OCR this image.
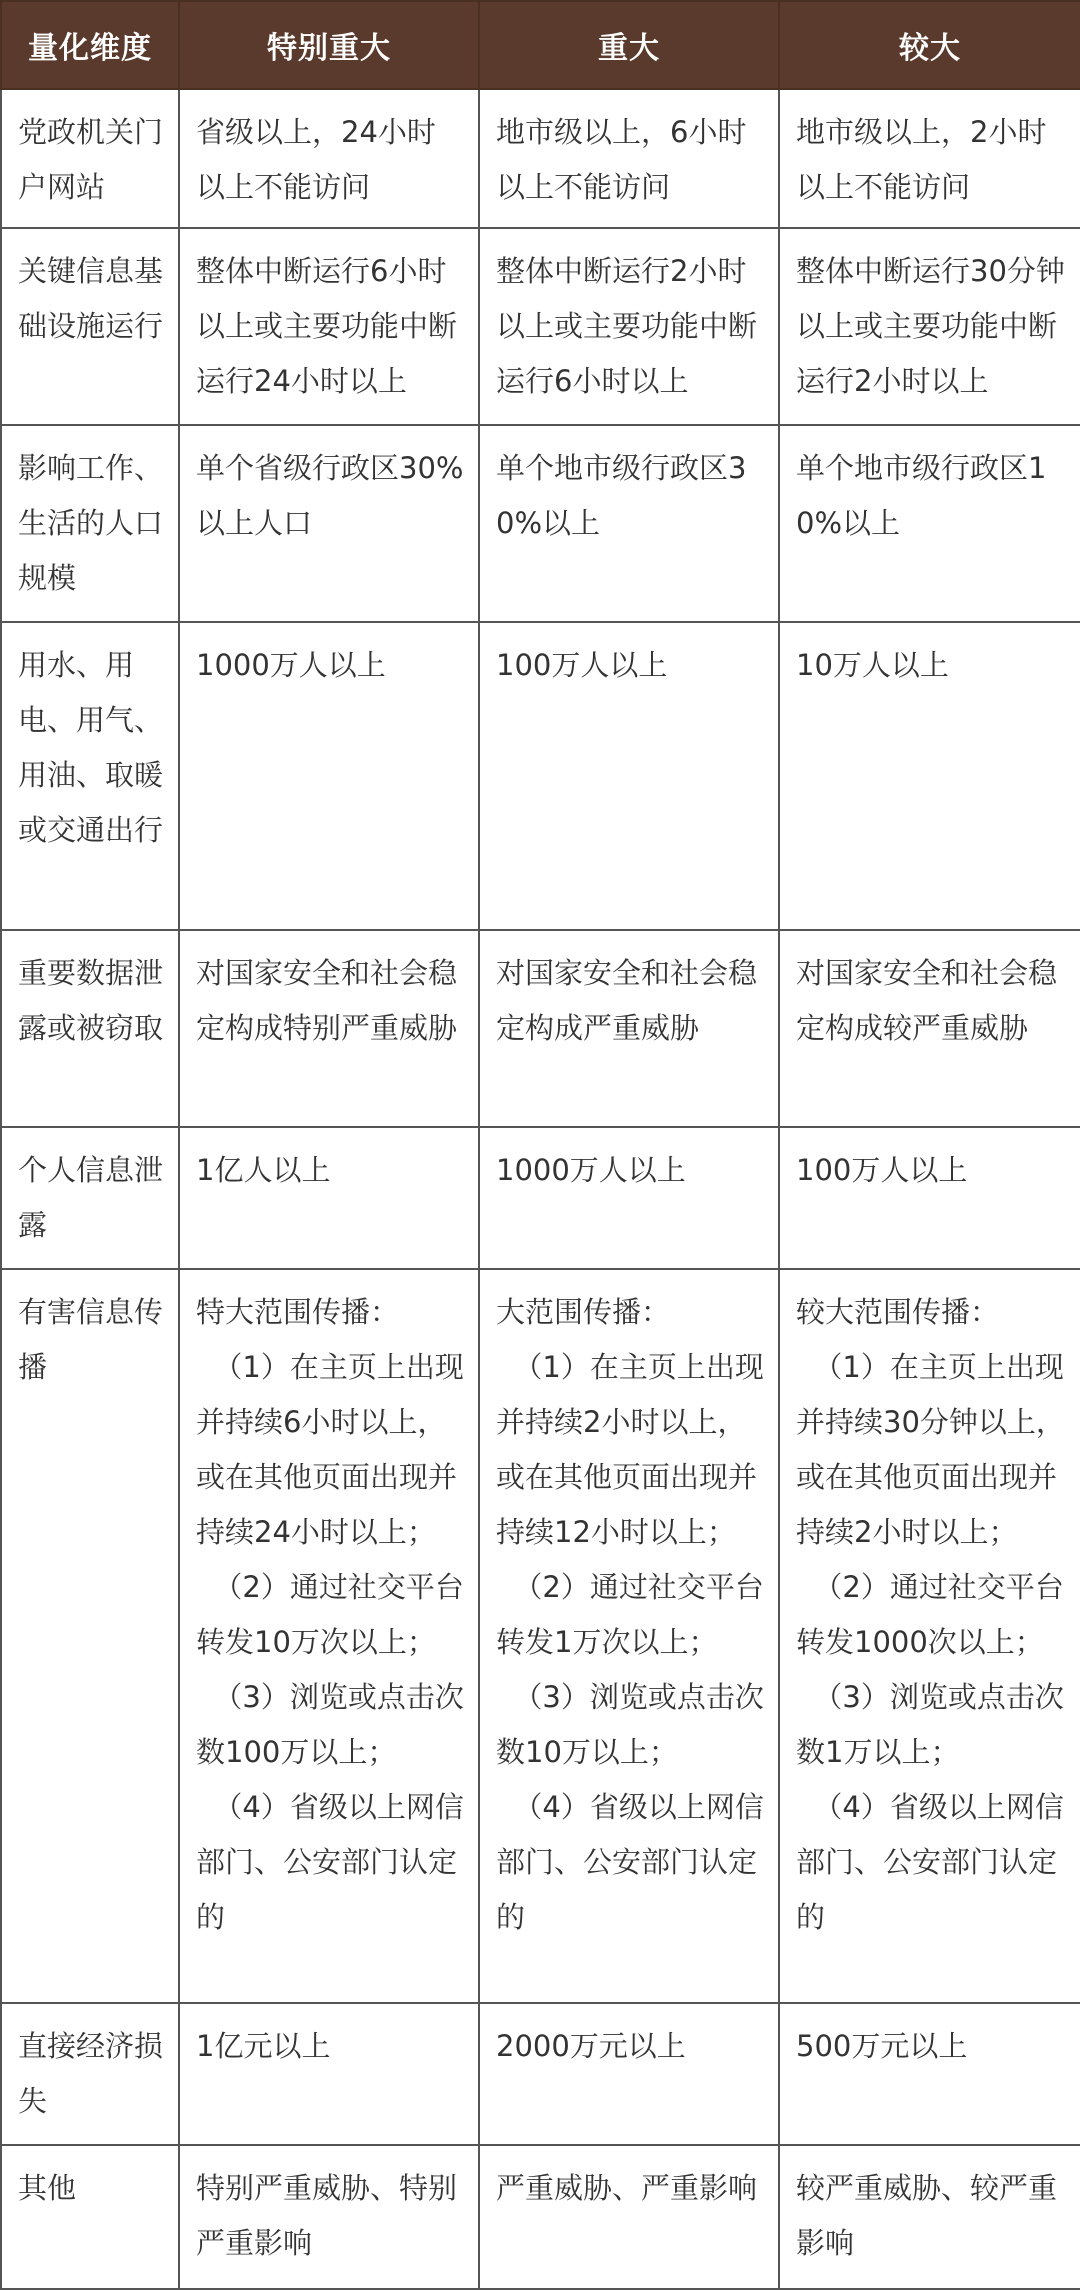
量化维度	特别重大	重大	较大
党政机关门户网站	省级以上，24小时以上不能访问	地市级以上，6小时以上不能访问	地市级以上，2小时以上不能访问

关键信息基础设施运行	整体中断运行6小时以上或主要功能中断运行24小时以上	整体中断运行2小时以上或主要功能中断运行6小时以上	整体中断运行30分钟以上或主要功能中断运行2小时以上

影响工作、生活的人口规模	单个省级行政区30%以上人口	单个地市级行政区30%以上	单个地市级行政区10%以上

用水、用电、用气、用油、取暖或交通出行	1000万人以上	100万人以上	10万人以上

重要数据泄露或被窃取	对国家安全和社会稳定构成特别严重威胁	对国家安全和社会稳定构成严重威胁	对国家安全和社会稳定构成较严重威胁

个人信息泄露	1亿人以上	1000万人以上	100万人以上

有害信息传播	特大范围传播：
（1）在主页上出现并持续6小时以上，或在其他页面出现并持续24小时以上；
（2）通过社交平台转发10万次以上；
（3）浏览或点击次数100万以上；
（4）省级以上网信部门、公安部门认定的	大范围传播：
（1）在主页上出现并持续2小时以上，或在其他页面出现并持续12小时以上；
（2）通过社交平台转发1万次以上；
（3）浏览或点击次数10万以上；
（4）省级以上网信部门、公安部门认定的	较大范围传播：
（1）在主页上出现并持续30分钟以上，或在其他页面出现并持续2小时以上；
（2）通过社交平台转发1000次以上；
（3）浏览或点击次数1万以上；
（4）省级以上网信部门、公安部门认定的

直接经济损失	1亿元以上	2000万元以上	500万元以上

其他	特别严重威胁、特别严重影响	严重威胁、严重影响	较严重威胁、较严重影响
